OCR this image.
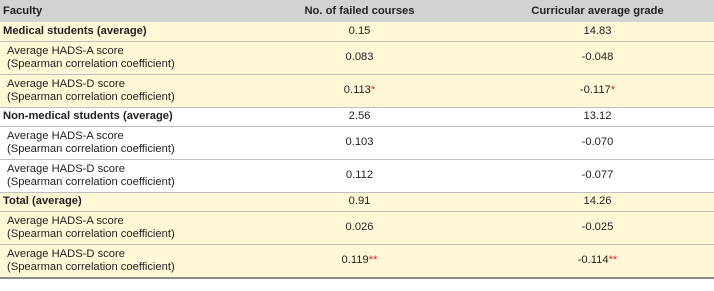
Faculty	No. of failed courses	Curricular average grade
Medical students (average)	0.15	14.83

Average HADS-A score
(Spearman correlation coefficient)	0.083	-0.048

Average HADS-D score
(Spearman correlation coefficient)	0.113*	-0.117*
Non-medical students (average)	2.56	13.12

Average HADS-A score
(Spearman correlation coefficient)	0.103	-0.070

Average HADS-D score
(Spearman correlation coefficient)	0.112	-0.077
Total (average)	0.91	14.26

Average HADS-A score
(Spearman correlation coefficient)	0.026	-0.025

Average HADS-D score
(Spearman correlation coefficient)	0.119**	-0.114**
